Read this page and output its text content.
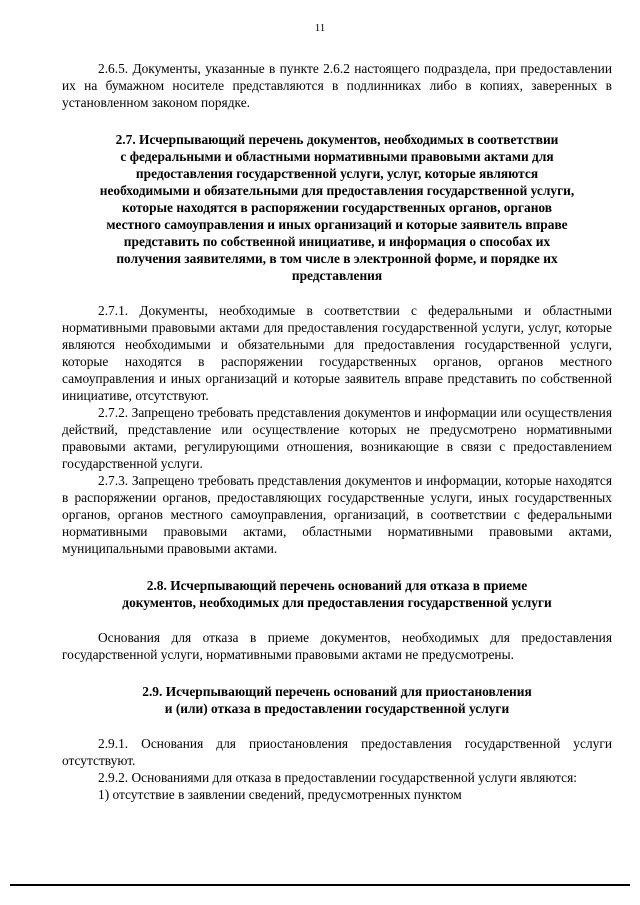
11

2.6.5. Документы, указанные в пункте 2.6.2 настоящего подраздела, при предоставлении их на бумажном носителе представляются в подлинниках либо в копиях, заверенных в установленном законом порядке.

2.7. Исчерпывающий перечень документов, необходимых в соответствии
с федеральными и областными нормативными правовыми актами для
предоставления государственной услуги, услуг, которые являются
необходимыми и обязательными для предоставления государственной услуги,
которые находятся в распоряжении государственных органов, органов
местного самоуправления и иных организаций и которые заявитель вправе
представить по собственной инициативе, и информация о способах их
получения заявителями, в том числе в электронной форме, и порядке их
представления

2.7.1. Документы, необходимые в соответствии с федеральными и областными нормативными правовыми актами для предоставления государственной услуги, услуг, которые являются необходимыми и обязательными для предоставления государственной услуги, которые находятся в распоряжении государственных органов, органов местного самоуправления и иных организаций и которые заявитель вправе представить по собственной инициативе, отсутствуют.

2.7.2. Запрещено требовать представления документов и информации или осуществления действий, представление или осуществление которых не предусмотрено нормативными правовыми актами, регулирующими отношения, возникающие в связи с предоставлением государственной услуги.

2.7.3. Запрещено требовать представления документов и информации, которые находятся в распоряжении органов, предоставляющих государственные услуги, иных государственных органов, органов местного самоуправления, организаций, в соответствии с федеральными нормативными правовыми актами, областными нормативными правовыми актами, муниципальными правовыми актами.

2.8. Исчерпывающий перечень оснований для отказа в приеме
документов, необходимых для предоставления государственной услуги

Основания для отказа в приеме документов, необходимых для предоставления государственной услуги, нормативными правовыми актами не предусмотрены.

2.9. Исчерпывающий перечень оснований для приостановления
и (или) отказа в предоставлении государственной услуги

2.9.1. Основания для приостановления предоставления государственной услуги отсутствуют.

2.9.2. Основаниями для отказа в предоставлении государственной услуги являются:

1) отсутствие в заявлении сведений, предусмотренных пунктом
